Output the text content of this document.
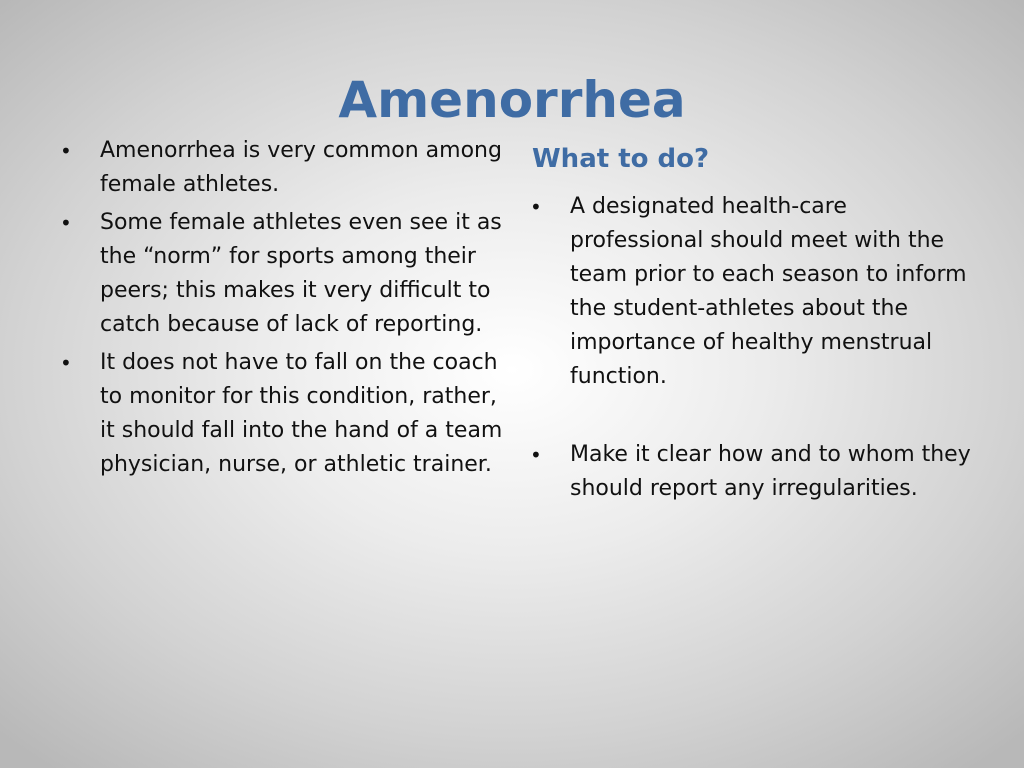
Amenorrhea
•	Amenorrhea is very common among female athletes.
•	Some female athletes even see it as the “norm” for sports among their peers; this makes it very difficult to catch because of lack of reporting.
•	It does not have to fall on the coach to monitor for this condition, rather, it should fall into the hand of a team physician, nurse, or athletic trainer.
What to do?
•	A designated health-care professional should meet with the team prior to each season to inform the student-athletes about the importance of healthy menstrual function.
•	Make it clear how and to whom they should report any irregularities.
